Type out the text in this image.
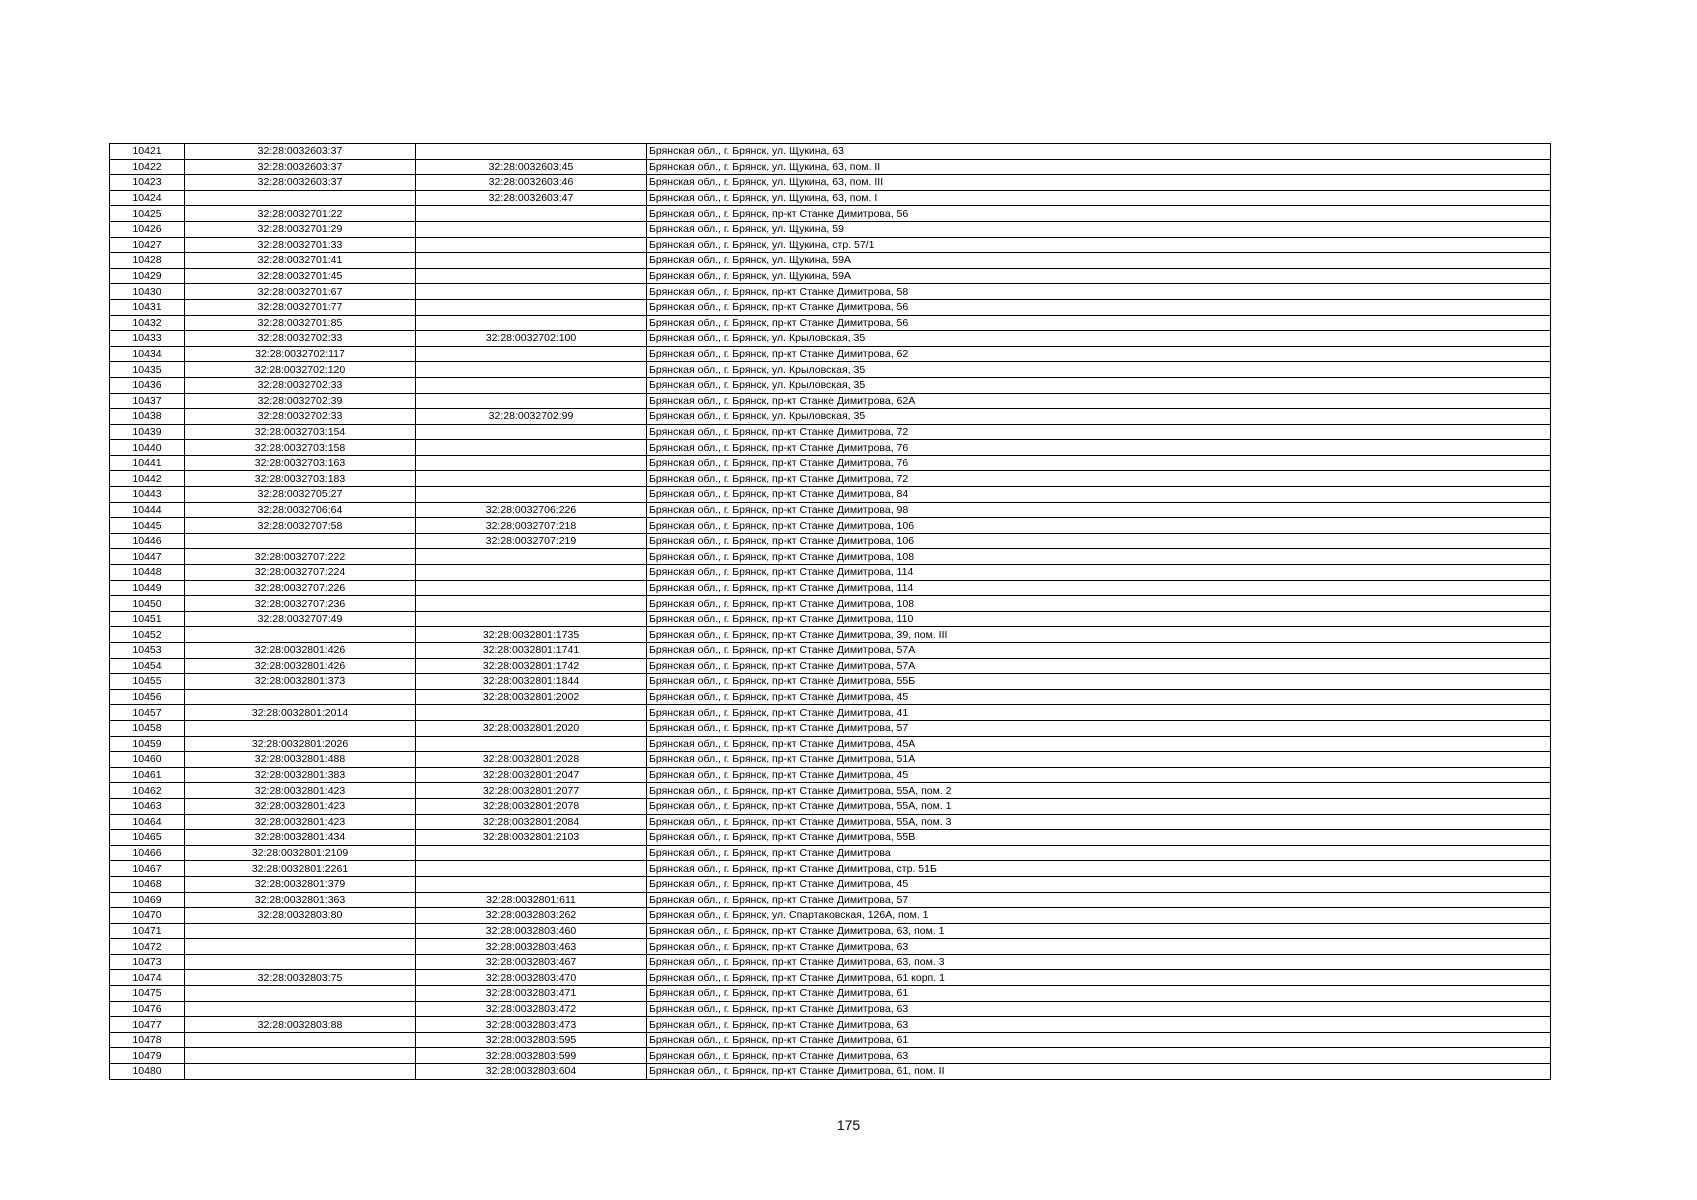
10421	32:28:0032603:37		Брянская обл., г. Брянск, ул. Щукина, 63
10422	32:28:0032603:37	32:28:0032603:45	Брянская обл., г. Брянск, ул. Щукина, 63, пом. II
10423	32:28:0032603:37	32:28:0032603:46	Брянская обл., г. Брянск, ул. Щукина, 63, пом. III
10424		32:28:0032603:47	Брянская обл., г. Брянск, ул. Щукина, 63, пом. I
10425	32:28:0032701:22		Брянская обл., г. Брянск, пр-кт Станке Димитрова, 56
10426	32:28:0032701:29		Брянская обл., г. Брянск, ул. Щукина, 59
10427	32:28:0032701:33		Брянская обл., г. Брянск, ул. Щукина, стр. 57/1
10428	32:28:0032701:41		Брянская обл., г. Брянск, ул. Щукина, 59А
10429	32:28:0032701:45		Брянская обл., г. Брянск, ул. Щукина, 59А
10430	32:28:0032701:67		Брянская обл., г. Брянск, пр-кт Станке Димитрова, 58
10431	32:28:0032701:77		Брянская обл., г. Брянск, пр-кт Станке Димитрова, 56
10432	32:28:0032701:85		Брянская обл., г. Брянск, пр-кт Станке Димитрова, 56
10433	32:28:0032702:33	32:28:0032702:100	Брянская обл., г. Брянск, ул. Крыловская, 35
10434	32:28:0032702:117		Брянская обл., г. Брянск, пр-кт Станке Димитрова, 62
10435	32:28:0032702:120		Брянская обл., г. Брянск, ул. Крыловская, 35
10436	32:28:0032702:33		Брянская обл., г. Брянск, ул. Крыловская, 35
10437	32:28:0032702:39		Брянская обл., г. Брянск, пр-кт Станке Димитрова, 62А
10438	32:28:0032702:33	32:28:0032702:99	Брянская обл., г. Брянск, ул. Крыловская, 35
10439	32:28:0032703:154		Брянская обл., г. Брянск, пр-кт Станке Димитрова, 72
10440	32:28:0032703:158		Брянская обл., г. Брянск, пр-кт Станке Димитрова, 76
10441	32:28:0032703:163		Брянская обл., г. Брянск, пр-кт Станке Димитрова, 76
10442	32:28:0032703:183		Брянская обл., г. Брянск, пр-кт Станке Димитрова, 72
10443	32:28:0032705:27		Брянская обл., г. Брянск, пр-кт Станке Димитрова, 84
10444	32:28:0032706:64	32:28:0032706:226	Брянская обл., г. Брянск, пр-кт Станке Димитрова, 98
10445	32:28:0032707:58	32:28:0032707:218	Брянская обл., г. Брянск, пр-кт Станке Димитрова, 106
10446		32:28:0032707:219	Брянская обл., г. Брянск, пр-кт Станке Димитрова, 106
10447	32:28:0032707:222		Брянская обл., г. Брянск, пр-кт Станке Димитрова, 108
10448	32:28:0032707:224		Брянская обл., г. Брянск, пр-кт Станке Димитрова, 114
10449	32:28:0032707:226		Брянская обл., г. Брянск, пр-кт Станке Димитрова, 114
10450	32:28:0032707:236		Брянская обл., г. Брянск, пр-кт Станке Димитрова, 108
10451	32:28:0032707:49		Брянская обл., г. Брянск, пр-кт Станке Димитрова, 110
10452		32:28:0032801:1735	Брянская обл., г. Брянск, пр-кт Станке Димитрова, 39, пом. III
10453	32:28:0032801:426	32:28:0032801:1741	Брянская обл., г. Брянск, пр-кт Станке Димитрова, 57А
10454	32:28:0032801:426	32:28:0032801:1742	Брянская обл., г. Брянск, пр-кт Станке Димитрова, 57А
10455	32:28:0032801:373	32:28:0032801:1844	Брянская обл., г. Брянск, пр-кт Станке Димитрова, 55Б
10456		32:28:0032801:2002	Брянская обл., г. Брянск, пр-кт Станке Димитрова, 45
10457	32:28:0032801:2014		Брянская обл., г. Брянск, пр-кт Станке Димитрова, 41
10458		32:28:0032801:2020	Брянская обл., г. Брянск, пр-кт Станке Димитрова, 57
10459	32:28:0032801:2026		Брянская обл., г. Брянск, пр-кт Станке Димитрова, 45А
10460	32:28:0032801:488	32:28:0032801:2028	Брянская обл., г. Брянск, пр-кт Станке Димитрова, 51А
10461	32:28:0032801:383	32:28:0032801:2047	Брянская обл., г. Брянск, пр-кт Станке Димитрова, 45
10462	32:28:0032801:423	32:28:0032801:2077	Брянская обл., г. Брянск, пр-кт Станке Димитрова, 55А, пом. 2
10463	32:28:0032801:423	32:28:0032801:2078	Брянская обл., г. Брянск, пр-кт Станке Димитрова, 55А, пом. 1
10464	32:28:0032801:423	32:28:0032801:2084	Брянская обл., г. Брянск, пр-кт Станке Димитрова, 55А, пом. 3
10465	32:28:0032801:434	32:28:0032801:2103	Брянская обл., г. Брянск, пр-кт Станке Димитрова, 55В
10466	32:28:0032801:2109		Брянская обл., г. Брянск, пр-кт Станке Димитрова
10467	32:28:0032801:2261		Брянская обл., г. Брянск, пр-кт Станке Димитрова, стр. 51Б
10468	32:28:0032801:379		Брянская обл., г. Брянск, пр-кт Станке Димитрова, 45
10469	32:28:0032801:363	32:28:0032801:611	Брянская обл., г. Брянск, пр-кт Станке Димитрова, 57
10470	32:28:0032803:80	32:28:0032803:262	Брянская обл., г. Брянск, ул. Спартаковская, 126А, пом. 1
10471		32:28:0032803:460	Брянская обл., г. Брянск, пр-кт Станке Димитрова, 63, пом. 1
10472		32:28:0032803:463	Брянская обл., г. Брянск, пр-кт Станке Димитрова, 63
10473		32:28:0032803:467	Брянская обл., г. Брянск, пр-кт Станке Димитрова, 63, пом. 3
10474	32:28:0032803:75	32:28:0032803:470	Брянская обл., г. Брянск, пр-кт Станке Димитрова, 61 корп. 1
10475		32:28:0032803:471	Брянская обл., г. Брянск, пр-кт Станке Димитрова, 61
10476		32:28:0032803:472	Брянская обл., г. Брянск, пр-кт Станке Димитрова, 63
10477	32:28:0032803:88	32:28:0032803:473	Брянская обл., г. Брянск, пр-кт Станке Димитрова, 63
10478		32:28:0032803:595	Брянская обл., г. Брянск, пр-кт Станке Димитрова, 61
10479		32:28:0032803:599	Брянская обл., г. Брянск, пр-кт Станке Димитрова, 63
10480		32:28:0032803:604	Брянская обл., г. Брянск, пр-кт Станке Димитрова, 61, пом. II
175
